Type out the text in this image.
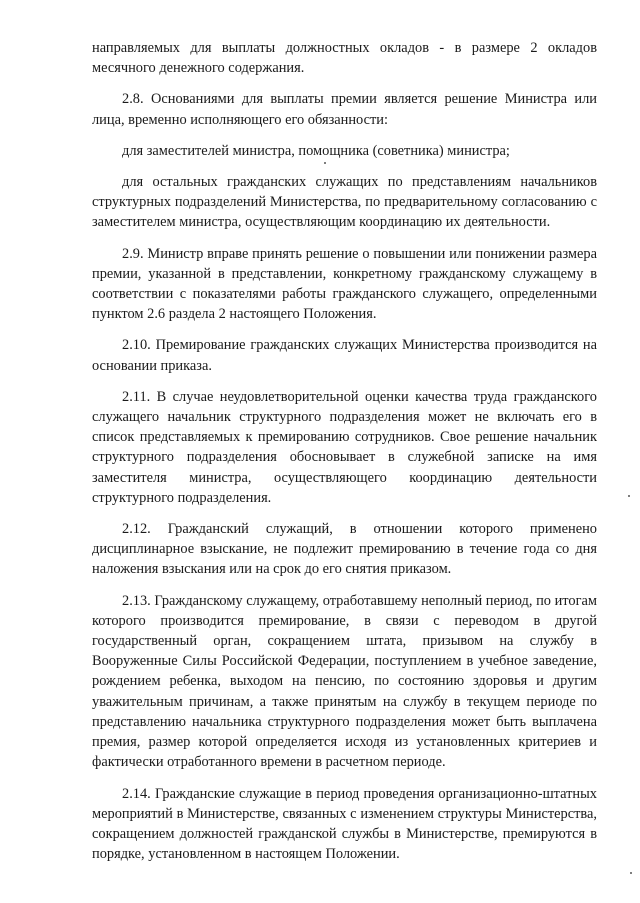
направляемых для выплаты должностных окладов - в размере 2 окладов месячного денежного содержания.

2.8. Основаниями для выплаты премии является решение Министра или лица, временно исполняющего его обязанности:

для заместителей министра, помощника (советника) министра;

для остальных гражданских служащих по представлениям начальников структурных подразделений Министерства, по предварительному согласованию с заместителем министра, осуществляющим координацию их деятельности.

2.9. Министр вправе принять решение о повышении или понижении размера премии, указанной в представлении, конкретному гражданскому служащему в соответствии с показателями работы гражданского служащего, определенными пунктом 2.6 раздела 2 настоящего Положения.

2.10. Премирование гражданских служащих Министерства производится на основании приказа.

2.11. В случае неудовлетворительной оценки качества труда гражданского служащего начальник структурного подразделения может не включать его в список представляемых к премированию сотрудников. Свое решение начальник структурного подразделения обосновывает в служебной записке на имя заместителя министра, осуществляющего координацию деятельности структурного подразделения.

2.12. Гражданский служащий, в отношении которого применено дисциплинарное взыскание, не подлежит премированию в течение года со дня наложения взыскания или на срок до его снятия приказом.

2.13. Гражданскому служащему, отработавшему неполный период, по итогам которого производится премирование, в связи с переводом в другой государственный орган, сокращением штата, призывом на службу в Вооруженные Силы Российской Федерации, поступлением в учебное заведение, рождением ребенка, выходом на пенсию, по состоянию здоровья и другим уважительным причинам, а также принятым на службу в текущем периоде по представлению начальника структурного подразделения может быть выплачена премия, размер которой определяется исходя из установленных критериев и фактически отработанного времени в расчетном периоде.

2.14. Гражданские служащие в период проведения организационно-штатных мероприятий в Министерстве, связанных с изменением структуры Министерства, сокращением должностей гражданской службы в Министерстве, премируются в порядке, установленном в настоящем Положении.
